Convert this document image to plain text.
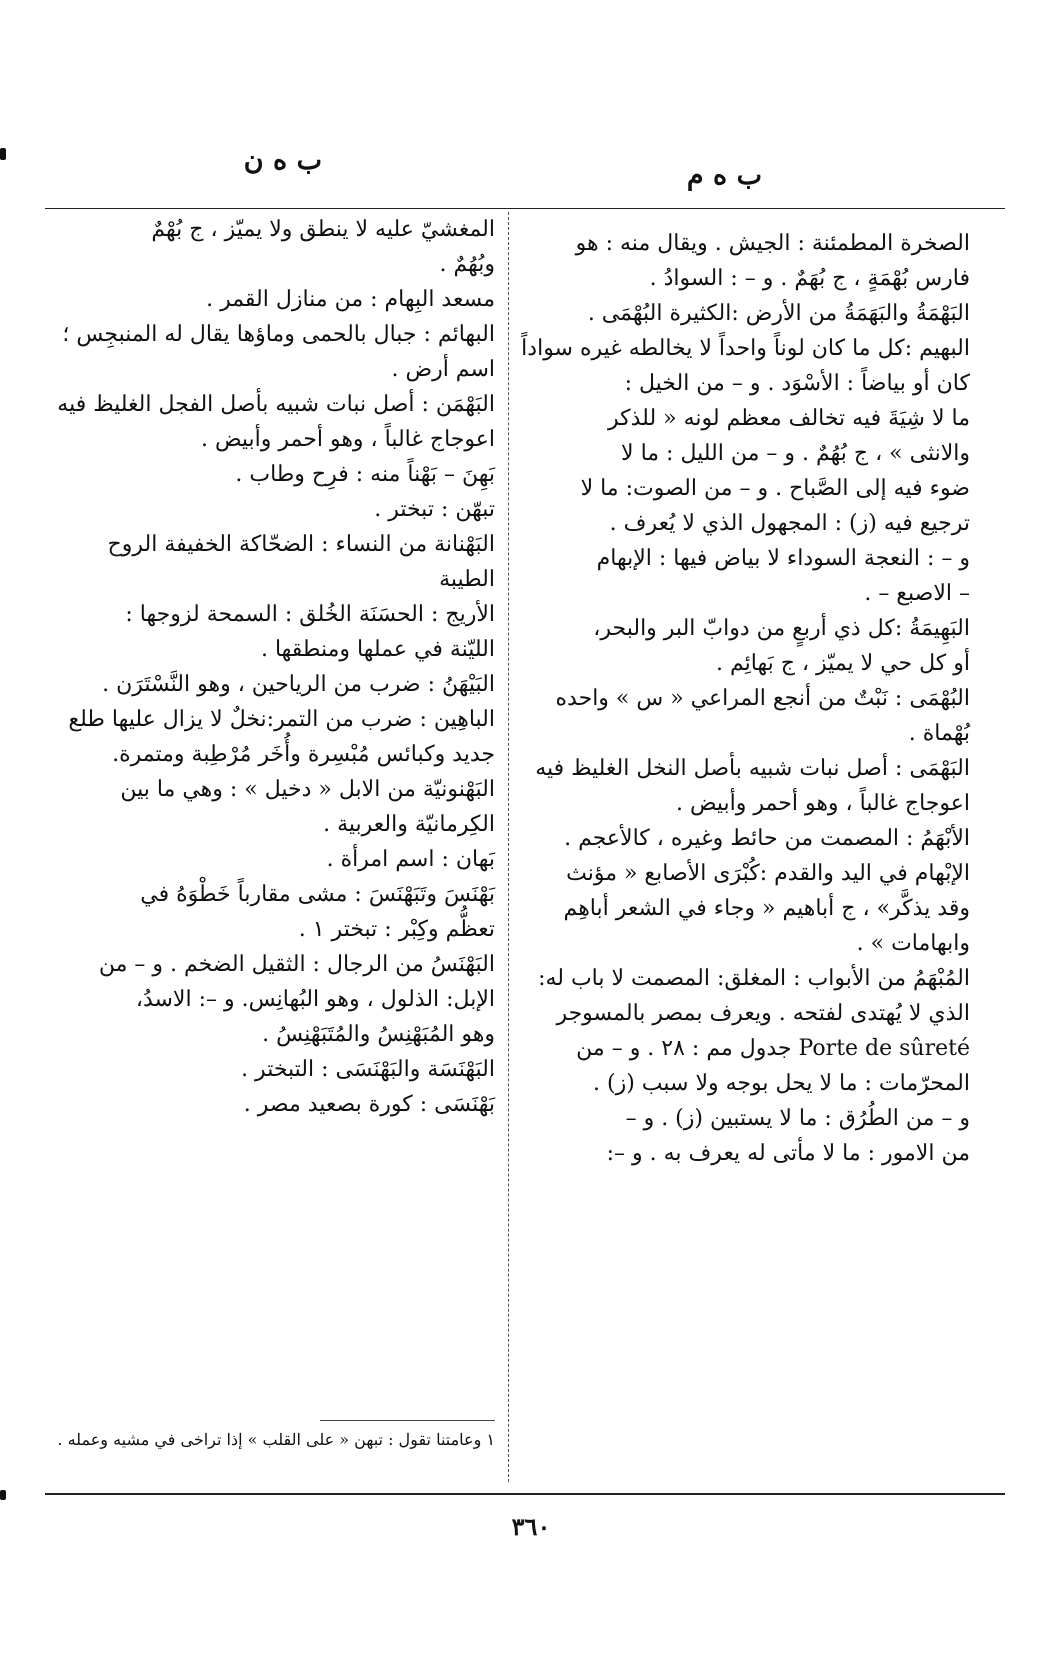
ب ه م
ب ه ن

الصخرة المطمئنة : الجيش . ويقال منه : هو

فارس بُهْمَةٍ ، ج بُهَمٌ . و – : السوادُ .

البَهْمَةُ والبَهَمَةُ من الأرض :الكثيرة البُهْمَى .

البهيم :كل ما كان لوناً واحداً لا يخالطه غيره سواداً

كان أو بياضاً : الأسْوَد . و – من الخيل :

ما لا شِيَةَ فيه تخالف معظم لونه « للذكر

والانثى » ، ج بُهُمٌ . و – من الليل : ما لا

ضوء فيه إلى الصَّباح . و – من الصوت: ما لا

ترجيع فيه (ز) : المجهول الذي لا يُعرف .

و – : النعجة السوداء لا بياض فيها : الإبهام

– الاصبع – .

البَهِيمَةُ :كل ذي أربعٍ من دوابّ البر والبحر،

أو كل حي لا يميّز ، ج بَهائِم .

البُهْمَى : نَبْتٌ من أنجع المراعي « س » واحده

بُهْماة .

البَهْمَى : أصل نبات شبيه بأصل النخل الغليظ فيه

اعوجاج غالباً ، وهو أحمر وأبيض .

الأبْهَمُ : المصمت من حائط وغيره ، كالأعجم .

الإبْهام في اليد والقدم :كُبْرَى الأصابع « مؤنث

وقد يذكَّر» ، ج أباهيم « وجاء في الشعر أباهِم

وابهامات » .

المُبْهَمُ من الأبواب : المغلق: المصمت لا باب له:

الذي لا يُهتدى لفتحه . ويعرف بمصر بالمسوجر

Porte de sûreté جدول مم : ٢٨ . و – من

المحرّمات : ما لا يحل بوجه ولا سبب (ز) .

و – من الطُرُق : ما لا يستبين (ز) . و –

من الامور : ما لا مأتى له يعرف به . و –:

المغشيّ عليه لا ينطق ولا يميّز ، ج بُهْمٌ

وبُهُمٌ .

مسعد البِهام : من منازل القمر .

البهائم : جبال بالحمى وماؤها يقال له المنبجِس ؛

اسم أرض .

البَهْمَن : أصل نبات شبيه بأصل الفجل الغليظ فيه

اعوجاج غالباً ، وهو أحمر وأبيض .

بَهِنَ – بَهْناً منه : فرِح وطاب .

تبهّن : تبختر .

البَهْنانة من النساء : الضحّاكة الخفيفة الروح الطيبة

الأريج : الحسَنَة الخُلق : السمحة لزوجها :

الليّنة في عملها ومنطقها .

البَيْهَنُ : ضرب من الرياحين ، وهو النَّسْتَرَن .

الباهِين : ضرب من التمر:نخلٌ لا يزال عليها طلع

جديد وكبائس مُبْسِرة وأُخَر مُرْطِبة ومتمرة.

البَهْنونيّة من الابل « دخيل » : وهي ما بين

الكِرمانيّة والعربية .

بَهان : اسم امرأة .

بَهْنَسَ وتَبَهْنَسَ : مشى مقارباً خَطْوَهُ في

تعظُّم وكِبْر : تبختر ١ .

البَهْنَسُ من الرجال : الثقيل الضخم . و – من

الإبل: الذلول ، وهو البُهانِس. و –: الاسدُ،

وهو المُبَهْنِسُ والمُتَبَهْنِسُ .

البَهْنَسَة والبَهْنَسَى : التبختر .

بَهْنَسَى : كورة بصعيد مصر .

١ وعامتنا تقول : تبهن « على القلب » إذا تراخى في مشيه وعمله .
٣٦٠
